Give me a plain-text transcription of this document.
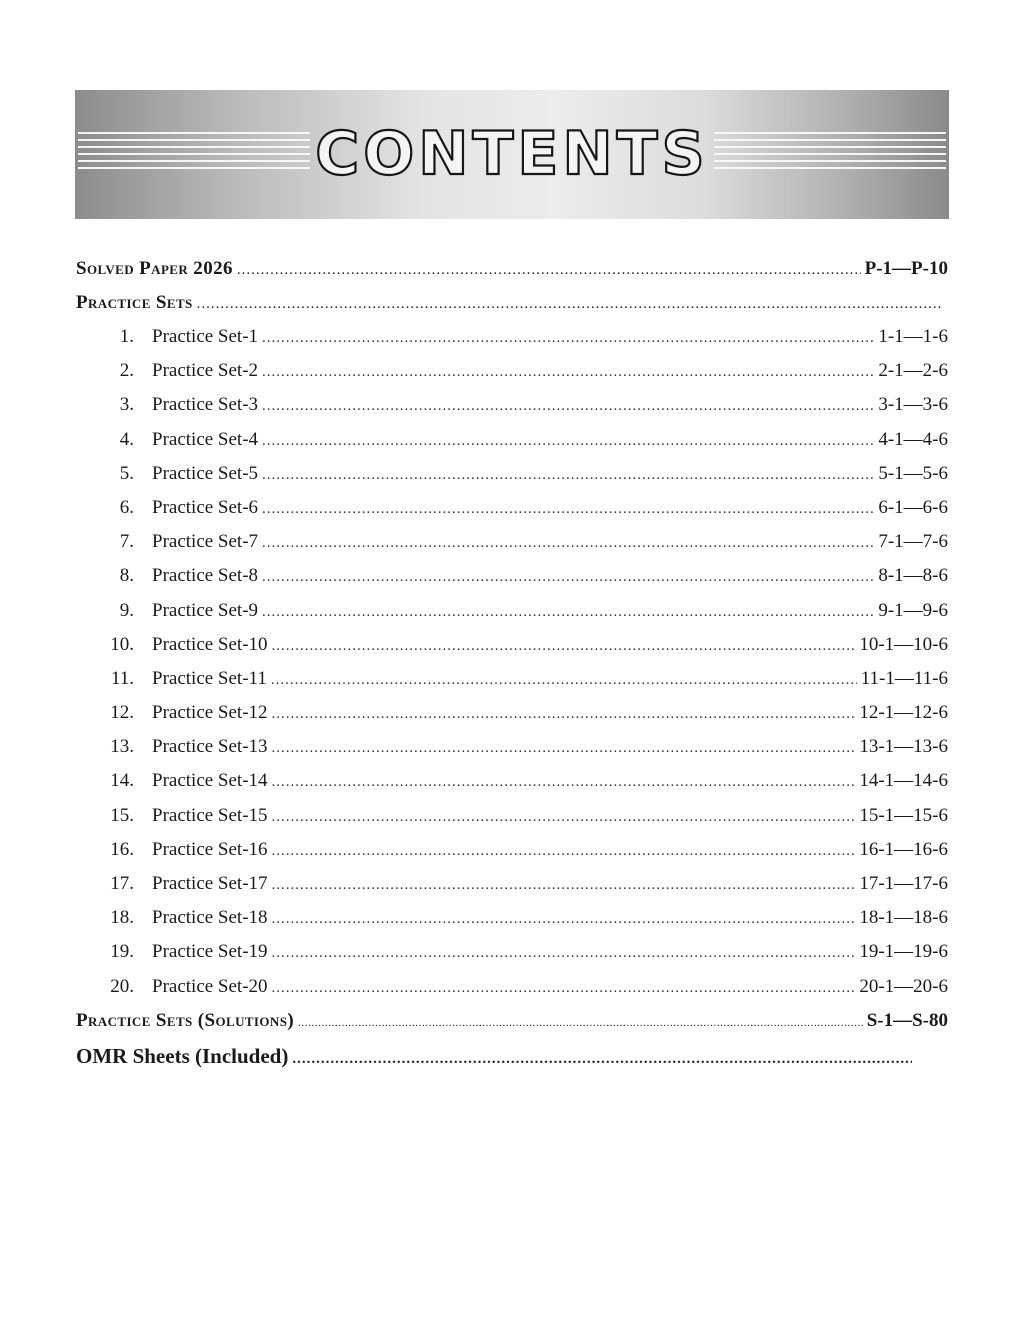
CONTENTS
Solved Paper 2026 .....	P-1—P-10
Practice Sets
.....
1. Practice Set-1 .....	1-1—1-6
2. Practice Set-2 .....	2-1—2-6
3. Practice Set-3 .....	3-1—3-6
4. Practice Set-4 .....	4-1—4-6
5. Practice Set-5 .....	5-1—5-6
6. Practice Set-6 .....	6-1—6-6
7. Practice Set-7 .....	7-1—7-6
8. Practice Set-8 .....	8-1—8-6
9. Practice Set-9 .....	9-1—9-6
10. Practice Set-10 .....	10-1—10-6
11. Practice Set-11 .....	11-1—11-6
12. Practice Set-12 .....	12-1—12-6
13. Practice Set-13 .....	13-1—13-6
14. Practice Set-14 .....	14-1—14-6
15. Practice Set-15 .....	15-1—15-6
16. Practice Set-16 .....	16-1—16-6
17. Practice Set-17 .....	17-1—17-6
18. Practice Set-18 .....	18-1—18-6
19. Practice Set-19 .....	19-1—19-6
20. Practice Set-20 .....	20-1—20-6
Practice Sets (Solutions) .....	S-1—S-80
OMR Sheets (Included)
.....
